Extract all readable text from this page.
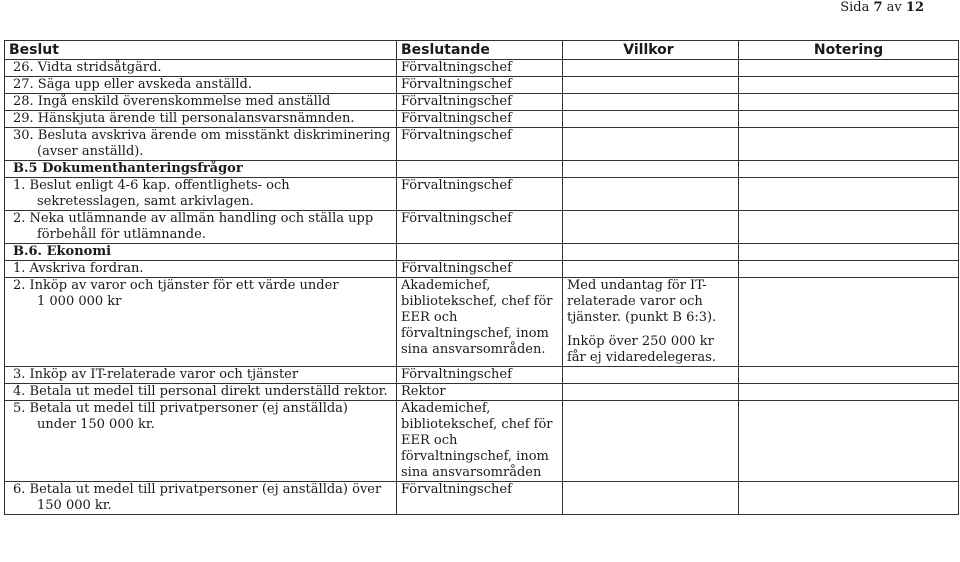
Sida 7 av 12
Beslut	Beslutande	Villkor	Notering
26. Vidta stridsåtgärd.	Förvaltningschef		
27. Säga upp eller avskeda anställd.	Förvaltningschef		
28. Ingå enskild överenskommelse med anställd	Förvaltningschef		
29. Hänskjuta ärende till personalansvarsnämnden.	Förvaltningschef		

30. Besluta avskriva ärende om misstänkt diskriminering
(avser anställd).	Förvaltningschef		
B.5 Dokumenthanteringsfrågor			

1. Beslut enligt 4-6 kap. offentlighets- och
sekretesslagen, samt arkivlagen.	Förvaltningschef		

2. Neka utlämnande av allmän handling och ställa upp
förbehåll för utlämnande.	Förvaltningschef		
B.6. Ekonomi			
1. Avskriva fordran.	Förvaltningschef		

2. Inköp av varor och tjänster för ett värde under
1 000 000 kr	Akademichef,
bibliotekschef, chef för
EER och
förvaltningschef, inom
sina ansvarsområden.	Med undantag för IT-
relaterade varor och
tjänster. (punkt B 6:3).
Inköp över 250 000 kr
får ej vidaredelegeras.	

3. Inköp av IT-relaterade varor och tjänster	Förvaltningschef		
4. Betala ut medel till personal direkt underställd rektor.	Rektor		

5. Betala ut medel till privatpersoner (ej anställda)
under 150 000 kr.	Akademichef,
bibliotekschef, chef för
EER och
förvaltningschef, inom
sina ansvarsområden		

6. Betala ut medel till privatpersoner (ej anställda) över
150 000 kr.	Förvaltningschef		
